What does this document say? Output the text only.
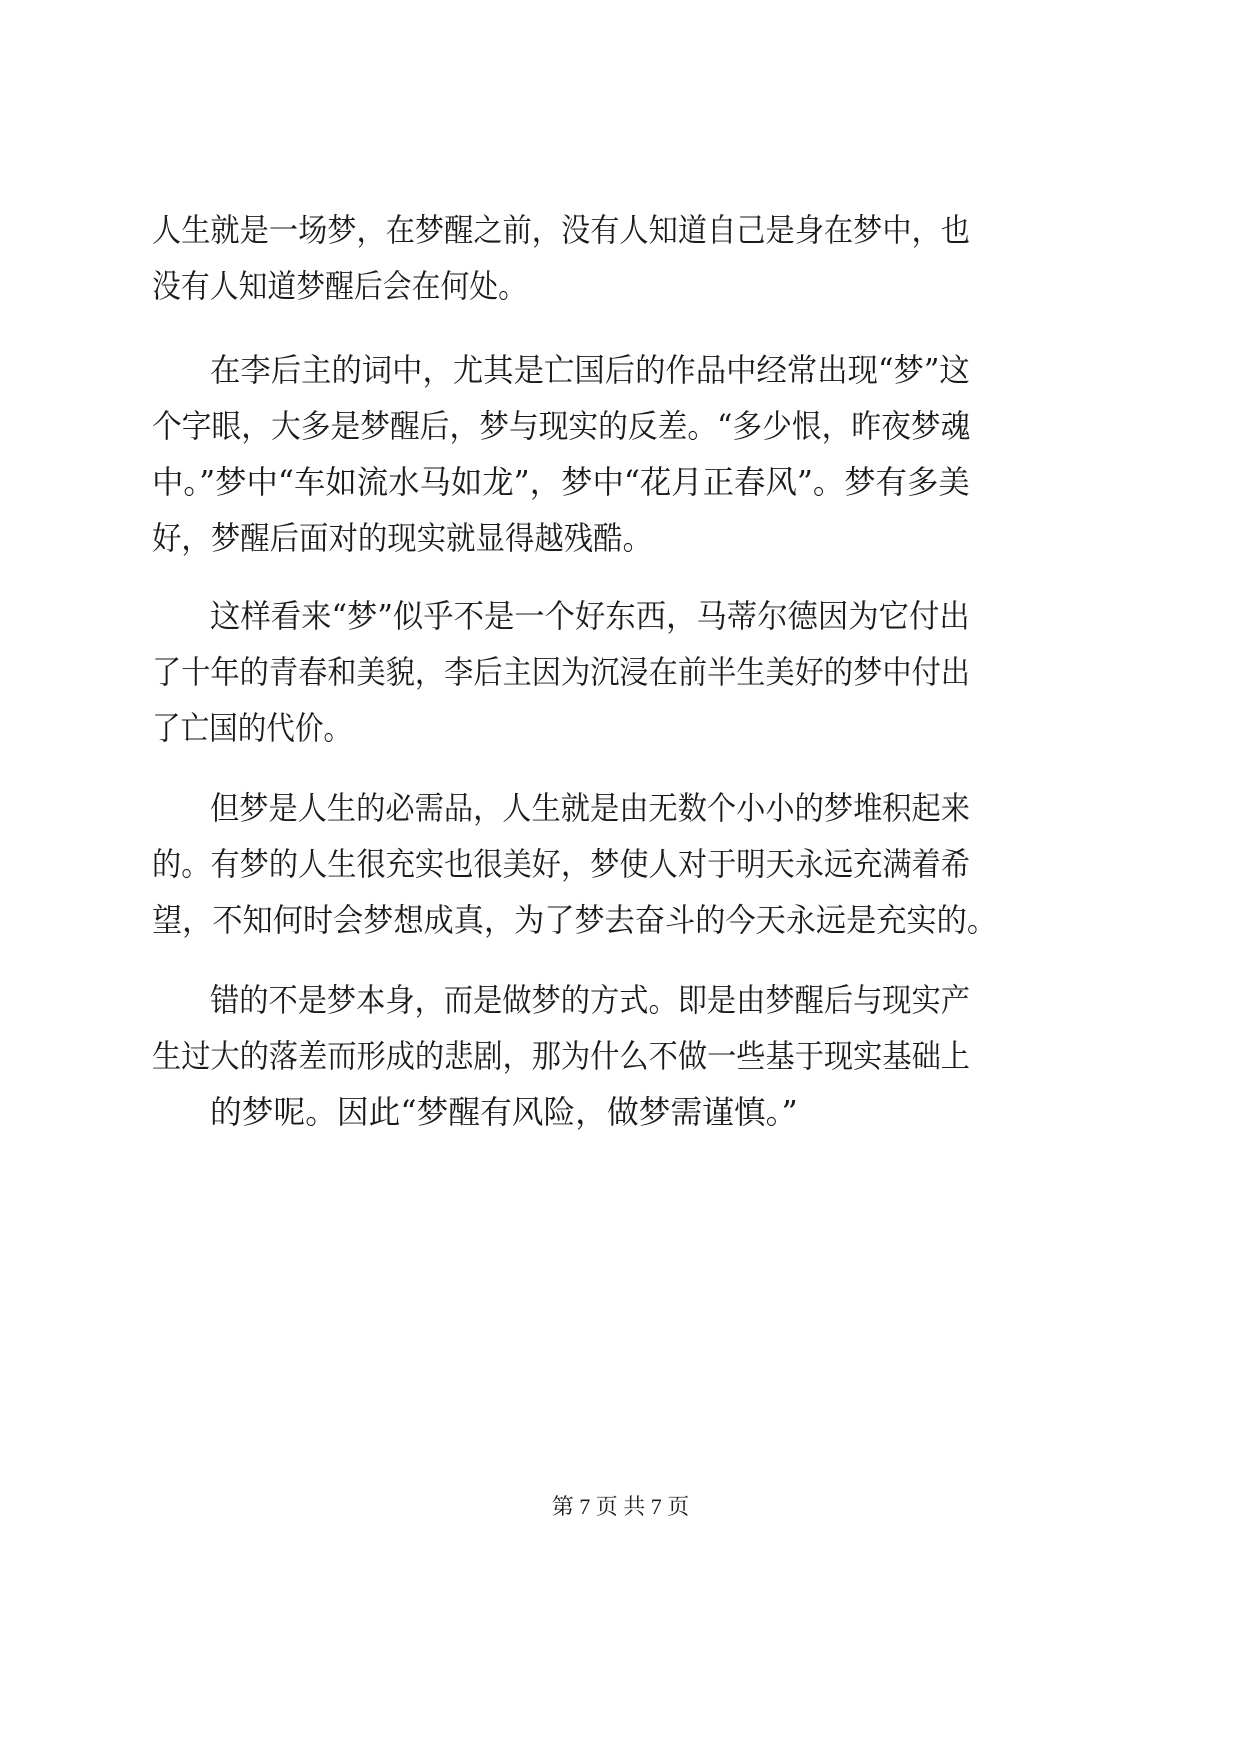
人生就是一场梦，在梦醒之前，没有人知道自己是身在梦中，也
没有人知道梦醒后会在何处。
在李后主的词中，尤其是亡国后的作品中经常出现“梦”这
个字眼，大多是梦醒后，梦与现实的反差。“多少恨，昨夜梦魂
中。”梦中“车如流水马如龙”，梦中“花月正春风”。梦有多美
好，梦醒后面对的现实就显得越残酷。
这样看来“梦”似乎不是一个好东西，马蒂尔德因为它付出
了十年的青春和美貌，李后主因为沉浸在前半生美好的梦中付出
了亡国的代价。
但梦是人生的必需品，人生就是由无数个小小的梦堆积起来
的。有梦的人生很充实也很美好，梦使人对于明天永远充满着希
望，不知何时会梦想成真，为了梦去奋斗的今天永远是充实的。
错的不是梦本身，而是做梦的方式。即是由梦醒后与现实产
生过大的落差而形成的悲剧，那为什么不做一些基于现实基础上
的梦呢。因此“梦醒有风险，做梦需谨慎。”
第 7 页 共 7 页
